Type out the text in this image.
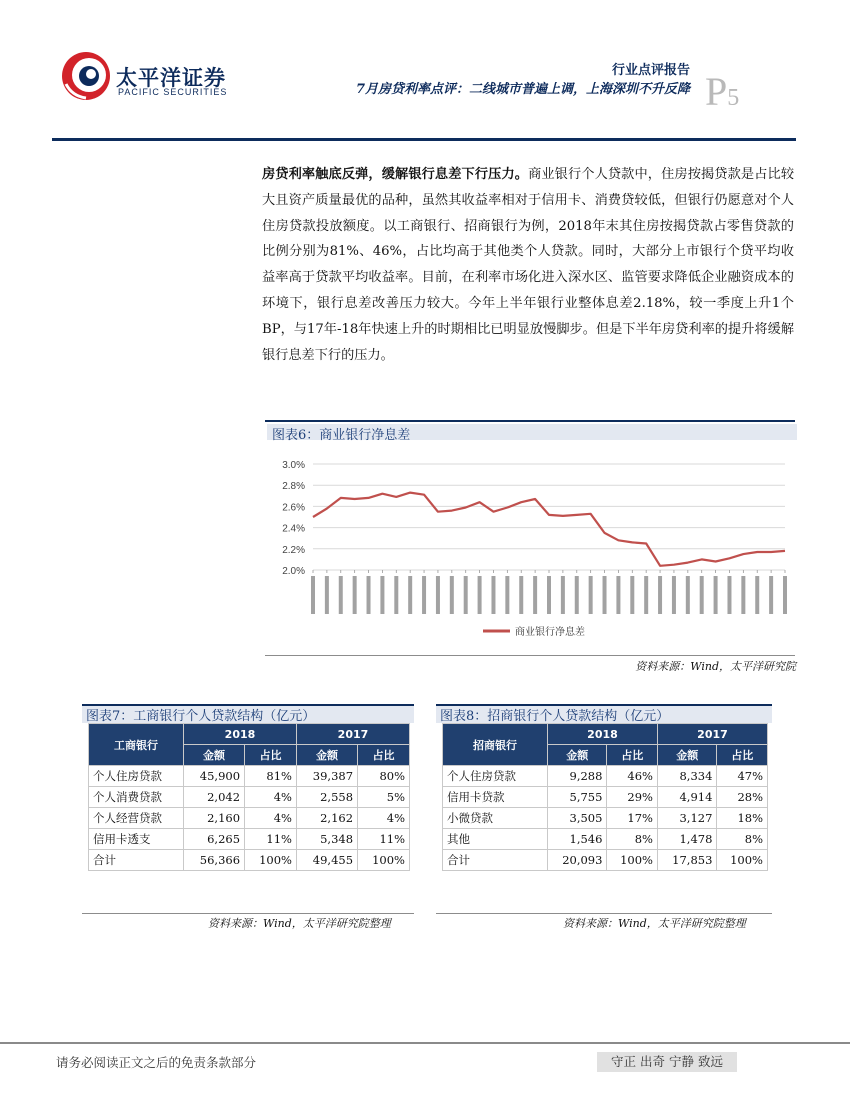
太平洋证券
PACIFIC SECURITIES
行业点评报告
7月房贷利率点评：二线城市普遍上调，上海深圳不升反降 P5
房贷利率触底反弹，缓解银行息差下行压力。商业银行个人贷款中，住房按揭贷款是占比较大且资产质量最优的品种，虽然其收益率相对于信用卡、消费贷较低，但银行仍愿意对个人住房贷款投放额度。以工商银行、招商银行为例，2018年末其住房按揭贷款占零售贷款的比例分别为81%、46%，占比均高于其他类个人贷款。同时，大部分上市银行个贷平均收益率高于贷款平均收益率。目前，在利率市场化进入深水区、监管要求降低企业融资成本的环境下，银行息差改善压力较大。今年上半年银行业整体息差2.18%，较一季度上升1个BP，与17年-18年快速上升的时期相比已明显放慢脚步。但是下半年房贷利率的提升将缓解银行息差下行的压力。
图表6：商业银行净息差
3.0%
2.8%
2.6%
2.4%
2.2%
2.0%
商业银行净息差
资料来源：Wind，太平洋研究院
图表7：工商银行个人贷款结构（亿元）
工商银行	2018		2017	
	金额	占比	金额	占比
个人住房贷款	45,900	81%	39,387	80%
个人消费贷款	2,042	4%	2,558	5%
个人经营贷款	2,160	4%	2,162	4%
信用卡透支	6,265	11%	5,348	11%
合计	56,366	100%	49,455	100%
资料来源：Wind，太平洋研究院整理
图表8：招商银行个人贷款结构（亿元）
招商银行	2018		2017	
	金额	占比	金额	占比
个人住房贷款	9,288	46%	8,334	47%
信用卡贷款	5,755	29%	4,914	28%
小微贷款	3,505	17%	3,127	18%
其他	1,546	8%	1,478	8%
合计	20,093	100%	17,853	100%
资料来源：Wind，太平洋研究院整理
请务必阅读正文之后的免责条款部分	守正 出奇 宁静 致远
